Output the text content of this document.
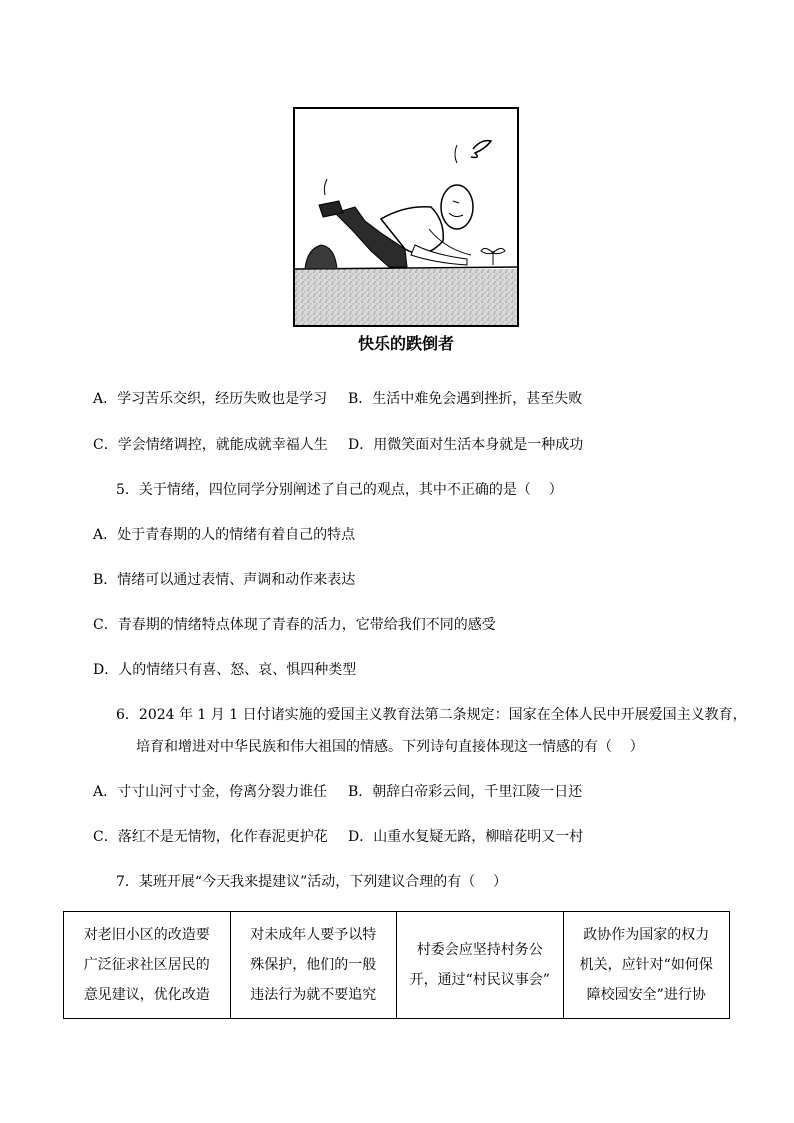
快乐的跌倒者
A．学习苦乐交织，经历失败也是学习 B．生活中难免会遇到挫折，甚至失败
C．学会情绪调控，就能成就幸福人生 D．用微笑面对生活本身就是一种成功
5．关于情绪，四位同学分别阐述了自己的观点，其中不正确的是（    ）
A．处于青春期的人的情绪有着自己的特点
B．情绪可以通过表情、声调和动作来表达
C．青春期的情绪特点体现了青春的活力，它带给我们不同的感受
D．人的情绪只有喜、怒、哀、惧四种类型
6．2024 年 1 月 1 日付诸实施的爱国主义教育法第二条规定：国家在全体人民中开展爱国主义教育，
培育和增进对中华民族和伟大祖国的情感。下列诗句直接体现这一情感的有（    ）
A．寸寸山河寸寸金，侉离分裂力谁任 B．朝辞白帝彩云间，千里江陵一日还
C．落红不是无情物，化作春泥更护花 D．山重水复疑无路，柳暗花明又一村
7．某班开展“今天我来提建议”活动，下列建议合理的有（    ）
对老旧小区的改造要
广泛征求社区居民的
意见建议，优化改造

对未成年人要予以特
殊保护，他们的一般
违法行为就不要追究

村委会应坚持村务公
开，通过“村民议事会”

政协作为国家的权力
机关，应针对“如何保
障校园安全”进行协
